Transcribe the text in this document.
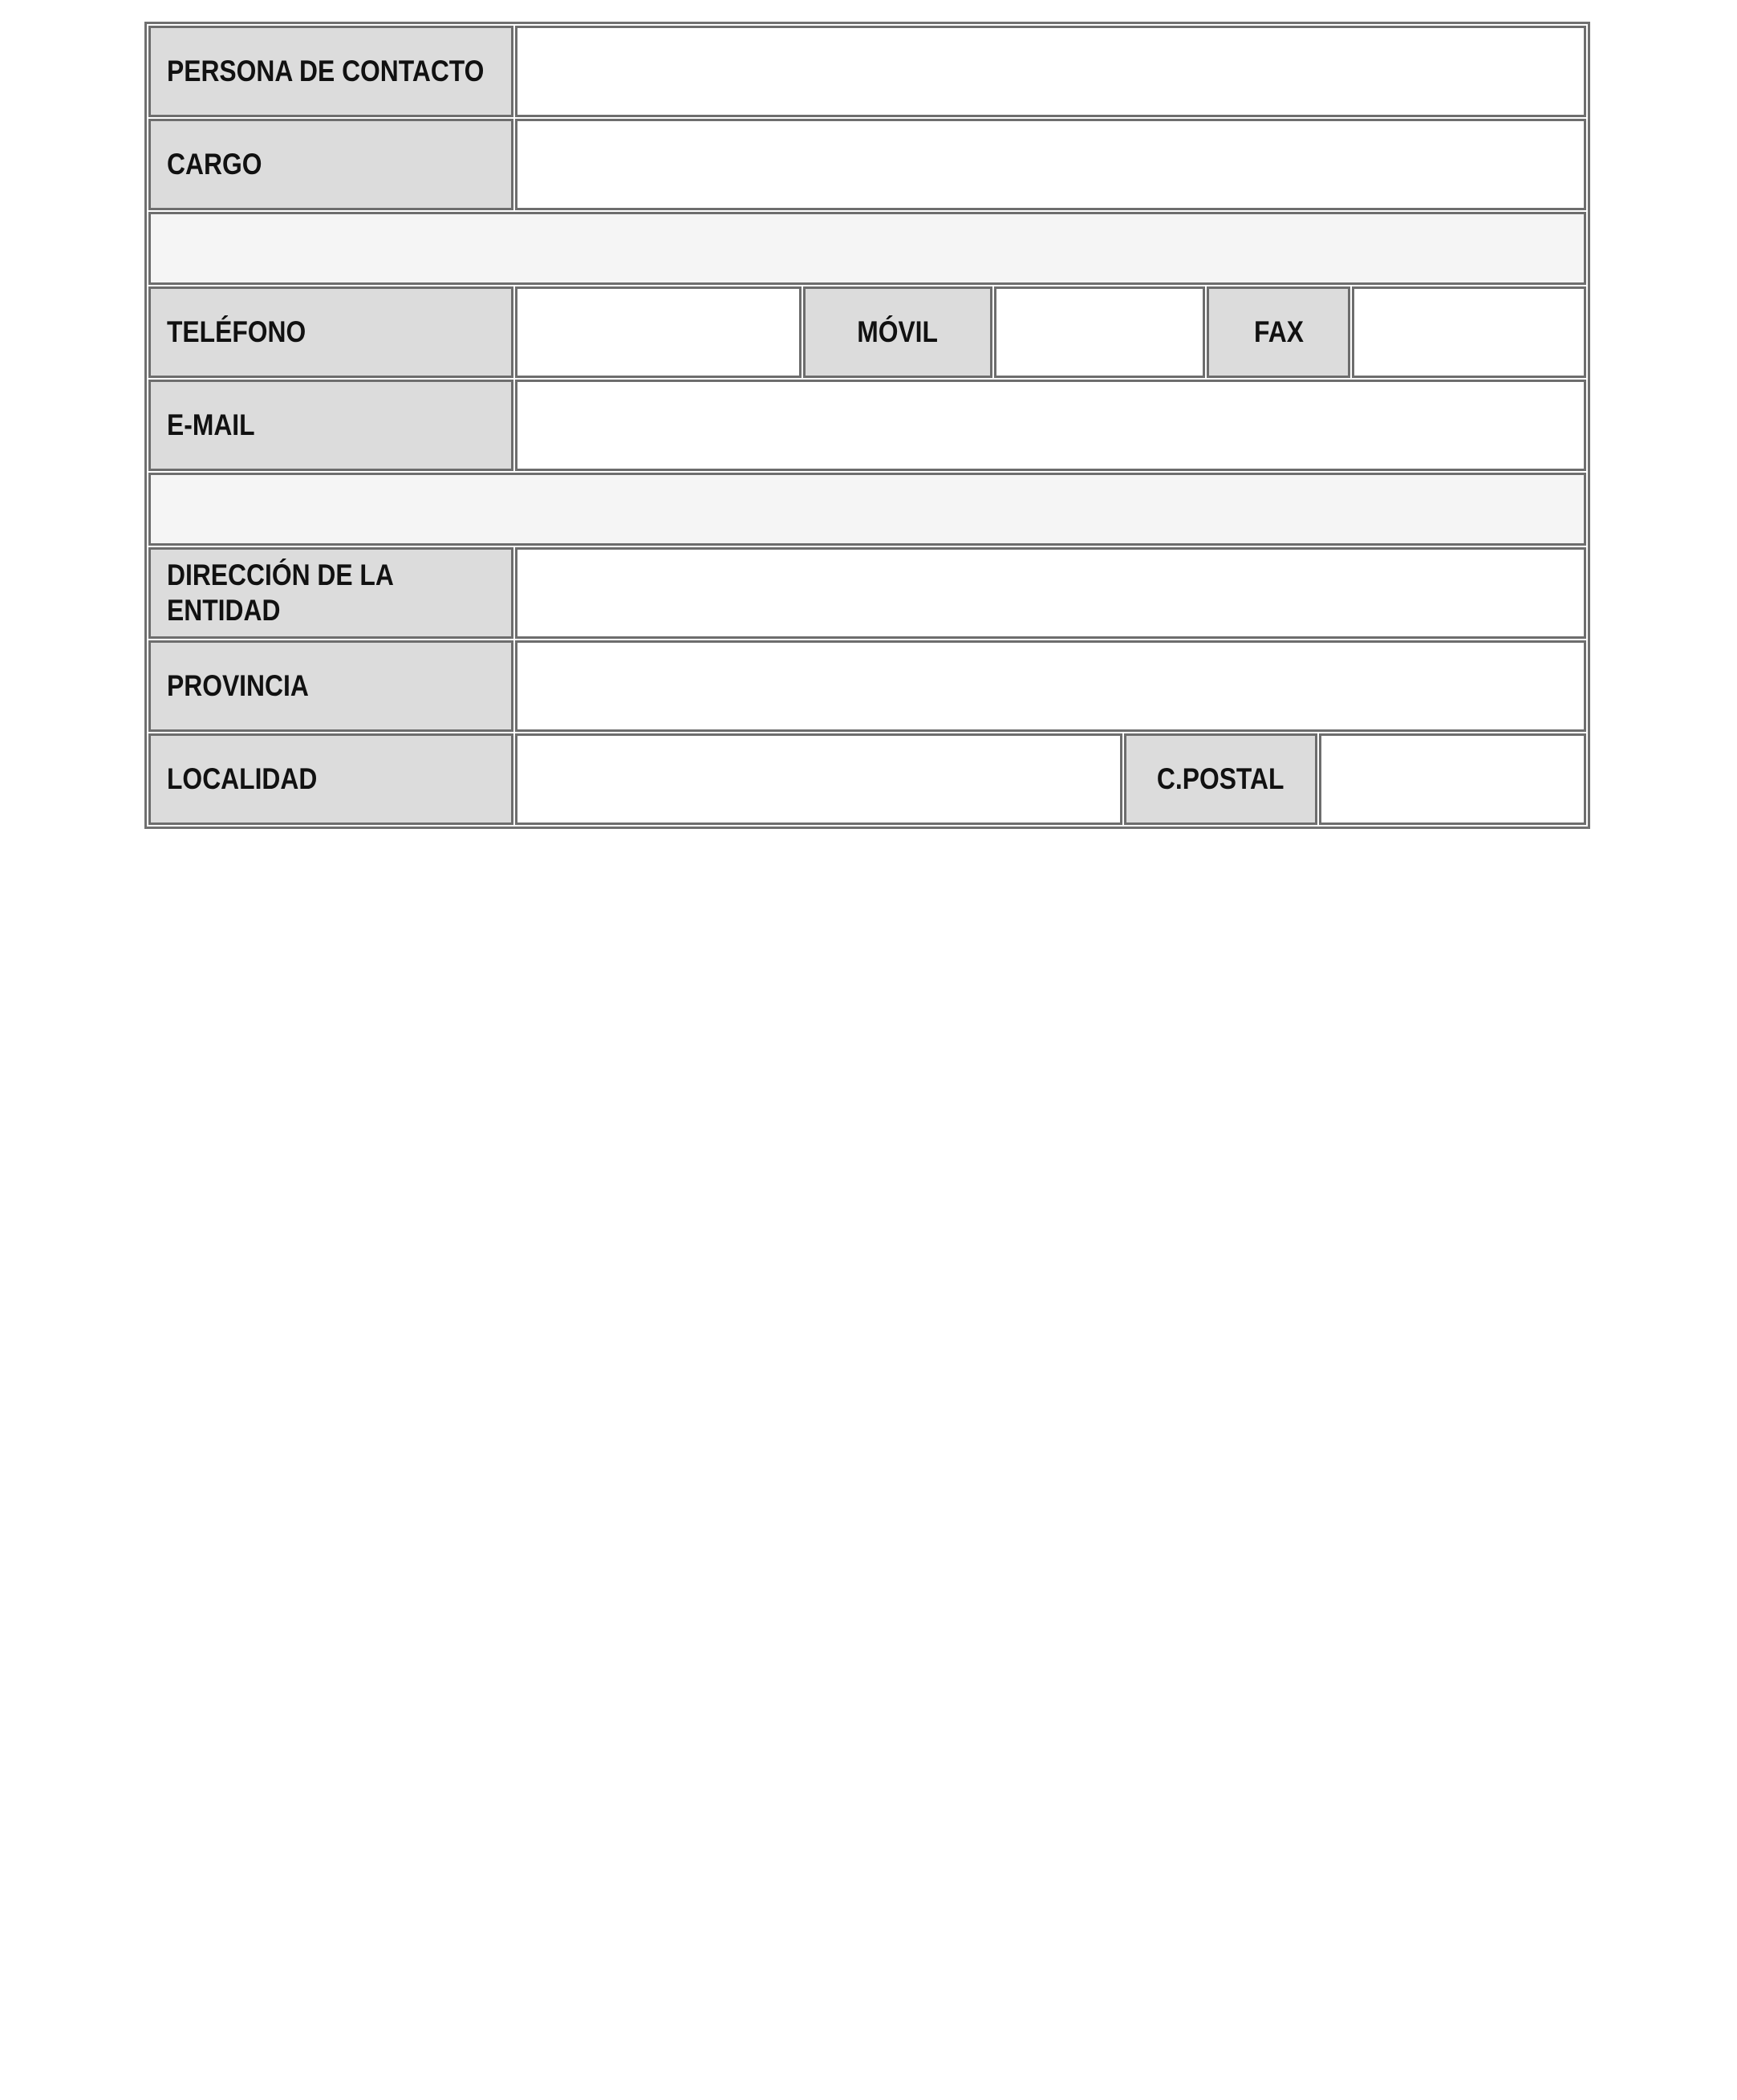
PERSONA DE CONTACTO
CARGO
TELÉFONO	MÓVIL	FAX
E-MAIL
DIRECCIÓN DE LA
ENTIDAD
PROVINCIA
LOCALIDAD	C.POSTAL
